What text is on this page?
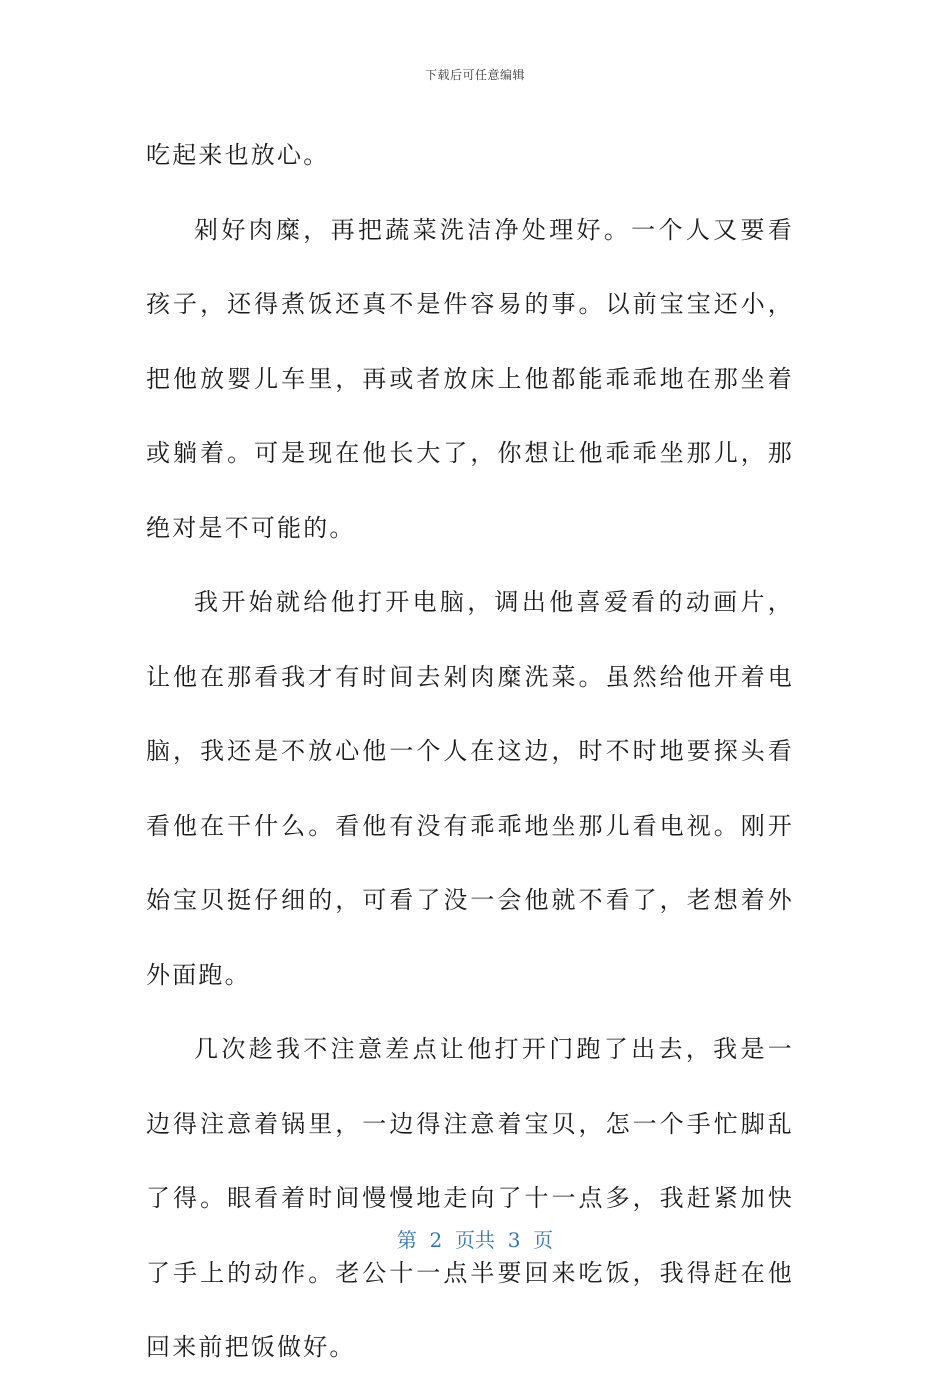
下载后可任意编辑

吃起来也放心。

剁好肉糜，再把蔬菜洗洁净处理好。一个人又要看孩子，还得煮饭还真不是件容易的事。以前宝宝还小，把他放婴儿车里，再或者放床上他都能乖乖地在那坐着或躺着。可是现在他长大了，你想让他乖乖坐那儿，那绝对是不可能的。

我开始就给他打开电脑，调出他喜爱看的动画片，让他在那看我才有时间去剁肉糜洗菜。虽然给他开着电脑，我还是不放心他一个人在这边，时不时地要探头看看他在干什么。看他有没有乖乖地坐那儿看电视。刚开始宝贝挺仔细的，可看了没一会他就不看了，老想着外外面跑。

几次趁我不注意差点让他打开门跑了出去，我是一边得注意着锅里，一边得注意着宝贝，怎一个手忙脚乱了得。眼看着时间慢慢地走向了十一点多，我赶紧加快了手上的动作。老公十一点半要回来吃饭，我得赶在他回来前把饭做好。

第  2  页共  3  页
